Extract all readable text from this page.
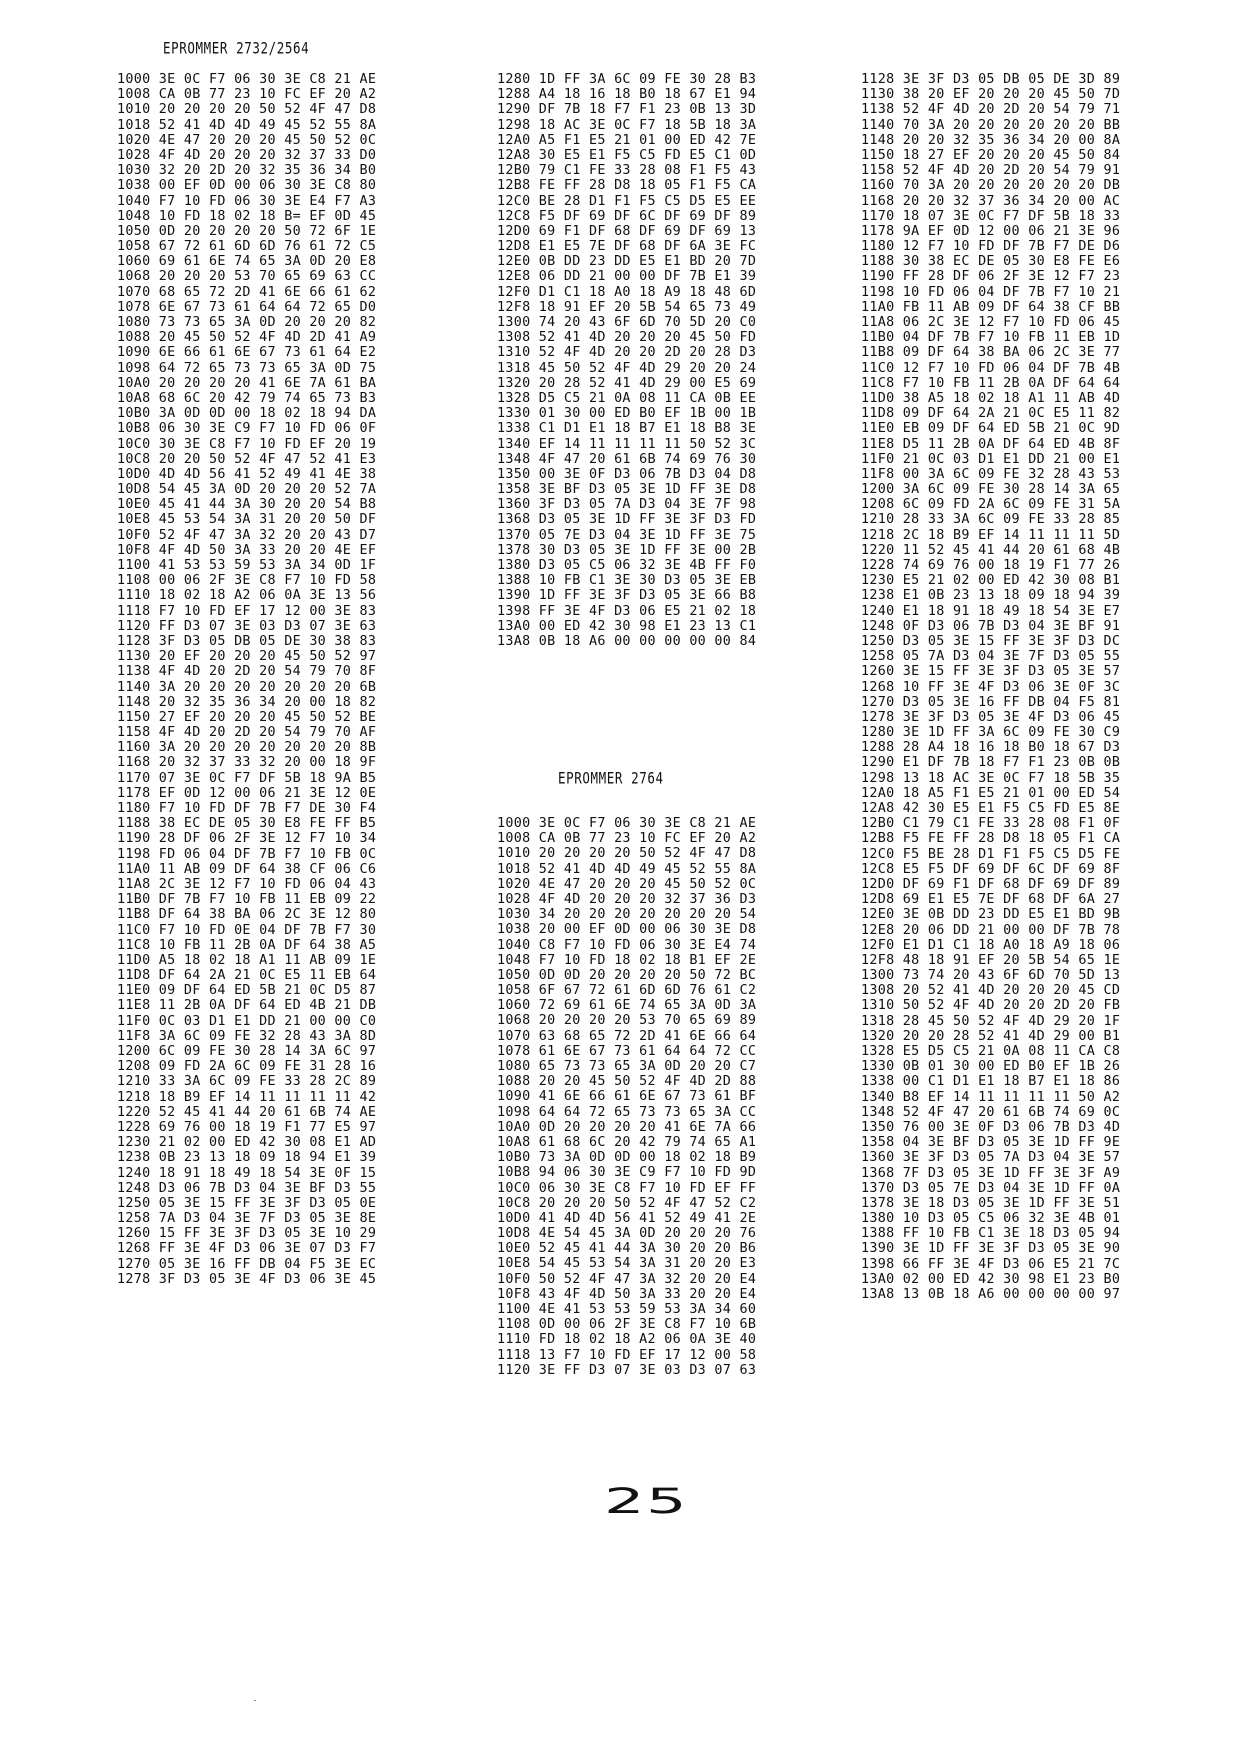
EPROMMER 2732/2564
1000 3E 0C F7 06 30 3E C8 21 AE
1008 CA 0B 77 23 10 FC EF 20 A2
1010 20 20 20 20 50 52 4F 47 D8
1018 52 41 4D 4D 49 45 52 55 8A
1020 4E 47 20 20 20 45 50 52 0C
1028 4F 4D 20 20 20 32 37 33 D0
1030 32 20 2D 20 32 35 36 34 B0
1038 00 EF 0D 00 06 30 3E C8 80
1040 F7 10 FD 06 30 3E E4 F7 A3
1048 10 FD 18 02 18 B= EF 0D 45
1050 0D 20 20 20 20 50 72 6F 1E
1058 67 72 61 6D 6D 76 61 72 C5
1060 69 61 6E 74 65 3A 0D 20 E8
1068 20 20 20 53 70 65 69 63 CC
1070 68 65 72 2D 41 6E 66 61 62
1078 6E 67 73 61 64 64 72 65 D0
1080 73 73 65 3A 0D 20 20 20 82
1088 20 45 50 52 4F 4D 2D 41 A9
1090 6E 66 61 6E 67 73 61 64 E2
1098 64 72 65 73 73 65 3A 0D 75
10A0 20 20 20 20 41 6E 7A 61 BA
10A8 68 6C 20 42 79 74 65 73 B3
10B0 3A 0D 0D 00 18 02 18 94 DA
10B8 06 30 3E C9 F7 10 FD 06 0F
10C0 30 3E C8 F7 10 FD EF 20 19
10C8 20 20 50 52 4F 47 52 41 E3
10D0 4D 4D 56 41 52 49 41 4E 38
10D8 54 45 3A 0D 20 20 20 52 7A
10E0 45 41 44 3A 30 20 20 54 B8
10E8 45 53 54 3A 31 20 20 50 DF
10F0 52 4F 47 3A 32 20 20 43 D7
10F8 4F 4D 50 3A 33 20 20 4E EF
1100 41 53 53 59 53 3A 34 0D 1F
1108 00 06 2F 3E C8 F7 10 FD 58
1110 18 02 18 A2 06 0A 3E 13 56
1118 F7 10 FD EF 17 12 00 3E 83
1120 FF D3 07 3E 03 D3 07 3E 63
1128 3F D3 05 DB 05 DE 30 38 83
1130 20 EF 20 20 20 45 50 52 97
1138 4F 4D 20 2D 20 54 79 70 8F
1140 3A 20 20 20 20 20 20 20 6B
1148 20 32 35 36 34 20 00 18 82
1150 27 EF 20 20 20 45 50 52 BE
1158 4F 4D 20 2D 20 54 79 70 AF
1160 3A 20 20 20 20 20 20 20 8B
1168 20 32 37 33 32 20 00 18 9F
1170 07 3E 0C F7 DF 5B 18 9A B5
1178 EF 0D 12 00 06 21 3E 12 0E
1180 F7 10 FD DF 7B F7 DE 30 F4
1188 38 EC DE 05 30 E8 FE FF B5
1190 28 DF 06 2F 3E 12 F7 10 34
1198 FD 06 04 DF 7B F7 10 FB 0C
11A0 11 AB 09 DF 64 38 CF 06 C6
11A8 2C 3E 12 F7 10 FD 06 04 43
11B0 DF 7B F7 10 FB 11 EB 09 22
11B8 DF 64 38 BA 06 2C 3E 12 80
11C0 F7 10 FD 0E 04 DF 7B F7 30
11C8 10 FB 11 2B 0A DF 64 38 A5
11D0 A5 18 02 18 A1 11 AB 09 1E
11D8 DF 64 2A 21 0C E5 11 EB 64
11E0 09 DF 64 ED 5B 21 0C D5 87
11E8 11 2B 0A DF 64 ED 4B 21 DB
11F0 0C 03 D1 E1 DD 21 00 00 C0
11F8 3A 6C 09 FE 32 28 43 3A 8D
1200 6C 09 FE 30 28 14 3A 6C 97
1208 09 FD 2A 6C 09 FE 31 28 16
1210 33 3A 6C 09 FE 33 28 2C 89
1218 18 B9 EF 14 11 11 11 11 42
1220 52 45 41 44 20 61 6B 74 AE
1228 69 76 00 18 19 F1 77 E5 97
1230 21 02 00 ED 42 30 08 E1 AD
1238 0B 23 13 18 09 18 94 E1 39
1240 18 91 18 49 18 54 3E 0F 15
1248 D3 06 7B D3 04 3E BF D3 55
1250 05 3E 15 FF 3E 3F D3 05 0E
1258 7A D3 04 3E 7F D3 05 3E 8E
1260 15 FF 3E 3F D3 05 3E 10 29
1268 FF 3E 4F D3 06 3E 07 D3 F7
1270 05 3E 16 FF DB 04 F5 3E EC
1278 3F D3 05 3E 4F D3 06 3E 45
1280 1D FF 3A 6C 09 FE 30 28 B3
1288 A4 18 16 18 B0 18 67 E1 94
1290 DF 7B 18 F7 F1 23 0B 13 3D
1298 18 AC 3E 0C F7 18 5B 18 3A
12A0 A5 F1 E5 21 01 00 ED 42 7E
12A8 30 E5 E1 F5 C5 FD E5 C1 0D
12B0 79 C1 FE 33 28 08 F1 F5 43
12B8 FE FF 28 D8 18 05 F1 F5 CA
12C0 BE 28 D1 F1 F5 C5 D5 E5 EE
12C8 F5 DF 69 DF 6C DF 69 DF 89
12D0 69 F1 DF 68 DF 69 DF 69 13
12D8 E1 E5 7E DF 68 DF 6A 3E FC
12E0 0B DD 23 DD E5 E1 BD 20 7D
12E8 06 DD 21 00 00 DF 7B E1 39
12F0 D1 C1 18 A0 18 A9 18 48 6D
12F8 18 91 EF 20 5B 54 65 73 49
1300 74 20 43 6F 6D 70 5D 20 C0
1308 52 41 4D 20 20 20 45 50 FD
1310 52 4F 4D 20 20 2D 20 28 D3
1318 45 50 52 4F 4D 29 20 20 24
1320 20 28 52 41 4D 29 00 E5 69
1328 D5 C5 21 0A 08 11 CA 0B EE
1330 01 30 00 ED B0 EF 1B 00 1B
1338 C1 D1 E1 18 B7 E1 18 B8 3E
1340 EF 14 11 11 11 11 50 52 3C
1348 4F 47 20 61 6B 74 69 76 30
1350 00 3E 0F D3 06 7B D3 04 D8
1358 3E BF D3 05 3E 1D FF 3E D8
1360 3F D3 05 7A D3 04 3E 7F 98
1368 D3 05 3E 1D FF 3E 3F D3 FD
1370 05 7E D3 04 3E 1D FF 3E 75
1378 30 D3 05 3E 1D FF 3E 00 2B
1380 D3 05 C5 06 32 3E 4B FF F0
1388 10 FB C1 3E 30 D3 05 3E EB
1390 1D FF 3E 3F D3 05 3E 66 B8
1398 FF 3E 4F D3 06 E5 21 02 18
13A0 00 ED 42 30 98 E1 23 13 C1
13A8 0B 18 A6 00 00 00 00 00 84
EPROMMER 2764
1000 3E 0C F7 06 30 3E C8 21 AE
1008 CA 0B 77 23 10 FC EF 20 A2
1010 20 20 20 20 50 52 4F 47 D8
1018 52 41 4D 4D 49 45 52 55 8A
1020 4E 47 20 20 20 45 50 52 0C
1028 4F 4D 20 20 20 32 37 36 D3
1030 34 20 20 20 20 20 20 20 54
1038 20 00 EF 0D 00 06 30 3E D8
1040 C8 F7 10 FD 06 30 3E E4 74
1048 F7 10 FD 18 02 18 B1 EF 2E
1050 0D 0D 20 20 20 20 50 72 BC
1058 6F 67 72 61 6D 6D 76 61 C2
1060 72 69 61 6E 74 65 3A 0D 3A
1068 20 20 20 20 53 70 65 69 89
1070 63 68 65 72 2D 41 6E 66 64
1078 61 6E 67 73 61 64 64 72 CC
1080 65 73 73 65 3A 0D 20 20 C7
1088 20 20 45 50 52 4F 4D 2D 88
1090 41 6E 66 61 6E 67 73 61 BF
1098 64 64 72 65 73 73 65 3A CC
10A0 0D 20 20 20 20 41 6E 7A 66
10A8 61 68 6C 20 42 79 74 65 A1
10B0 73 3A 0D 0D 00 18 02 18 B9
10B8 94 06 30 3E C9 F7 10 FD 9D
10C0 06 30 3E C8 F7 10 FD EF FF
10C8 20 20 20 50 52 4F 47 52 C2
10D0 41 4D 4D 56 41 52 49 41 2E
10D8 4E 54 45 3A 0D 20 20 20 76
10E0 52 45 41 44 3A 30 20 20 B6
10E8 54 45 53 54 3A 31 20 20 E3
10F0 50 52 4F 47 3A 32 20 20 E4
10F8 43 4F 4D 50 3A 33 20 20 E4
1100 4E 41 53 53 59 53 3A 34 60
1108 0D 00 06 2F 3E C8 F7 10 6B
1110 FD 18 02 18 A2 06 0A 3E 40
1118 13 F7 10 FD EF 17 12 00 58
1120 3E FF D3 07 3E 03 D3 07 63
1128 3E 3F D3 05 DB 05 DE 3D 89
1130 38 20 EF 20 20 20 45 50 7D
1138 52 4F 4D 20 2D 20 54 79 71
1140 70 3A 20 20 20 20 20 20 BB
1148 20 20 32 35 36 34 20 00 8A
1150 18 27 EF 20 20 20 45 50 84
1158 52 4F 4D 20 2D 20 54 79 91
1160 70 3A 20 20 20 20 20 20 DB
1168 20 20 32 37 36 34 20 00 AC
1170 18 07 3E 0C F7 DF 5B 18 33
1178 9A EF 0D 12 00 06 21 3E 96
1180 12 F7 10 FD DF 7B F7 DE D6
1188 30 38 EC DE 05 30 E8 FE E6
1190 FF 28 DF 06 2F 3E 12 F7 23
1198 10 FD 06 04 DF 7B F7 10 21
11A0 FB 11 AB 09 DF 64 38 CF BB
11A8 06 2C 3E 12 F7 10 FD 06 45
11B0 04 DF 7B F7 10 FB 11 EB 1D
11B8 09 DF 64 38 BA 06 2C 3E 77
11C0 12 F7 10 FD 06 04 DF 7B 4B
11C8 F7 10 FB 11 2B 0A DF 64 64
11D0 38 A5 18 02 18 A1 11 AB 4D
11D8 09 DF 64 2A 21 0C E5 11 82
11E0 EB 09 DF 64 ED 5B 21 0C 9D
11E8 D5 11 2B 0A DF 64 ED 4B 8F
11F0 21 0C 03 D1 E1 DD 21 00 E1
11F8 00 3A 6C 09 FE 32 28 43 53
1200 3A 6C 09 FE 30 28 14 3A 65
1208 6C 09 FD 2A 6C 09 FE 31 5A
1210 28 33 3A 6C 09 FE 33 28 85
1218 2C 18 B9 EF 14 11 11 11 5D
1220 11 52 45 41 44 20 61 68 4B
1228 74 69 76 00 18 19 F1 77 26
1230 E5 21 02 00 ED 42 30 08 B1
1238 E1 0B 23 13 18 09 18 94 39
1240 E1 18 91 18 49 18 54 3E E7
1248 0F D3 06 7B D3 04 3E BF 91
1250 D3 05 3E 15 FF 3E 3F D3 DC
1258 05 7A D3 04 3E 7F D3 05 55
1260 3E 15 FF 3E 3F D3 05 3E 57
1268 10 FF 3E 4F D3 06 3E 0F 3C
1270 D3 05 3E 16 FF DB 04 F5 81
1278 3E 3F D3 05 3E 4F D3 06 45
1280 3E 1D FF 3A 6C 09 FE 30 C9
1288 28 A4 18 16 18 B0 18 67 D3
1290 E1 DF 7B 18 F7 F1 23 0B 0B
1298 13 18 AC 3E 0C F7 18 5B 35
12A0 18 A5 F1 E5 21 01 00 ED 54
12A8 42 30 E5 E1 F5 C5 FD E5 8E
12B0 C1 79 C1 FE 33 28 08 F1 0F
12B8 F5 FE FF 28 D8 18 05 F1 CA
12C0 F5 BE 28 D1 F1 F5 C5 D5 FE
12C8 E5 F5 DF 69 DF 6C DF 69 8F
12D0 DF 69 F1 DF 68 DF 69 DF 89
12D8 69 E1 E5 7E DF 68 DF 6A 27
12E0 3E 0B DD 23 DD E5 E1 BD 9B
12E8 20 06 DD 21 00 00 DF 7B 78
12F0 E1 D1 C1 18 A0 18 A9 18 06
12F8 48 18 91 EF 20 5B 54 65 1E
1300 73 74 20 43 6F 6D 70 5D 13
1308 20 52 41 4D 20 20 20 45 CD
1310 50 52 4F 4D 20 20 2D 20 FB
1318 28 45 50 52 4F 4D 29 20 1F
1320 20 20 28 52 41 4D 29 00 B1
1328 E5 D5 C5 21 0A 08 11 CA C8
1330 0B 01 30 00 ED B0 EF 1B 26
1338 00 C1 D1 E1 18 B7 E1 18 86
1340 B8 EF 14 11 11 11 11 50 A2
1348 52 4F 47 20 61 6B 74 69 0C
1350 76 00 3E 0F D3 06 7B D3 4D
1358 04 3E BF D3 05 3E 1D FF 9E
1360 3E 3F D3 05 7A D3 04 3E 57
1368 7F D3 05 3E 1D FF 3E 3F A9
1370 D3 05 7E D3 04 3E 1D FF 0A
1378 3E 18 D3 05 3E 1D FF 3E 51
1380 10 D3 05 C5 06 32 3E 4B 01
1388 FF 10 FB C1 3E 18 D3 05 94
1390 3E 1D FF 3E 3F D3 05 3E 90
1398 66 FF 3E 4F D3 06 E5 21 7C
13A0 02 00 ED 42 30 98 E1 23 B0
13A8 13 0B 18 A6 00 00 00 00 97
25
